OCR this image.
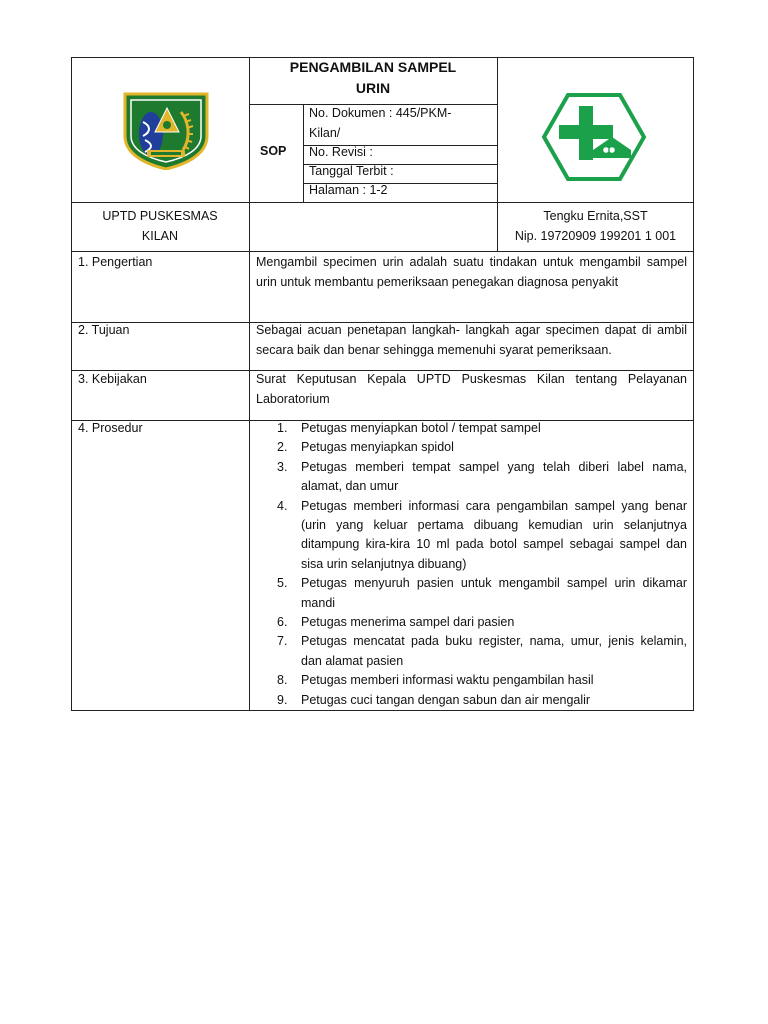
PENGAMBILAN SAMPEL
URIN
SOP
No. Dokumen : 445/PKM-
Kilan/
No. Revisi :
Tanggal Terbit :
Halaman : 1-2
UPTD PUSKESMAS
KILAN
Tengku Ernita,SST
Nip. 19720909 199201 1 001
1. Pengertian	Mengambil specimen urin adalah suatu tindakan untuk mengambil sampel urin untuk membantu pemeriksaan penegakan diagnosa penyakit
2. Tujuan	Sebagai acuan penetapan langkah- langkah agar specimen dapat di ambil secara baik dan benar sehingga memenuhi syarat pemeriksaan.
3. Kebijakan	Surat Keputusan Kepala UPTD Puskesmas Kilan tentang Pelayanan Laboratorium
4. Prosedur	1.	Petugas menyiapkan botol / tempat sampel
2.	Petugas menyiapkan spidol
3.	Petugas memberi tempat sampel yang telah diberi label nama, alamat, dan umur
4.	Petugas memberi informasi cara pengambilan sampel yang benar (urin yang keluar pertama dibuang kemudian urin selanjutnya ditampung kira-kira 10 ml pada botol sampel sebagai sampel dan sisa urin selanjutnya dibuang)
5.	Petugas menyuruh pasien untuk mengambil sampel urin dikamar mandi
6.	Petugas menerima sampel dari pasien
7.	Petugas mencatat pada buku register, nama, umur, jenis kelamin, dan alamat pasien
8.	Petugas memberi informasi waktu pengambilan hasil
9.	Petugas cuci tangan dengan sabun dan air mengalir
